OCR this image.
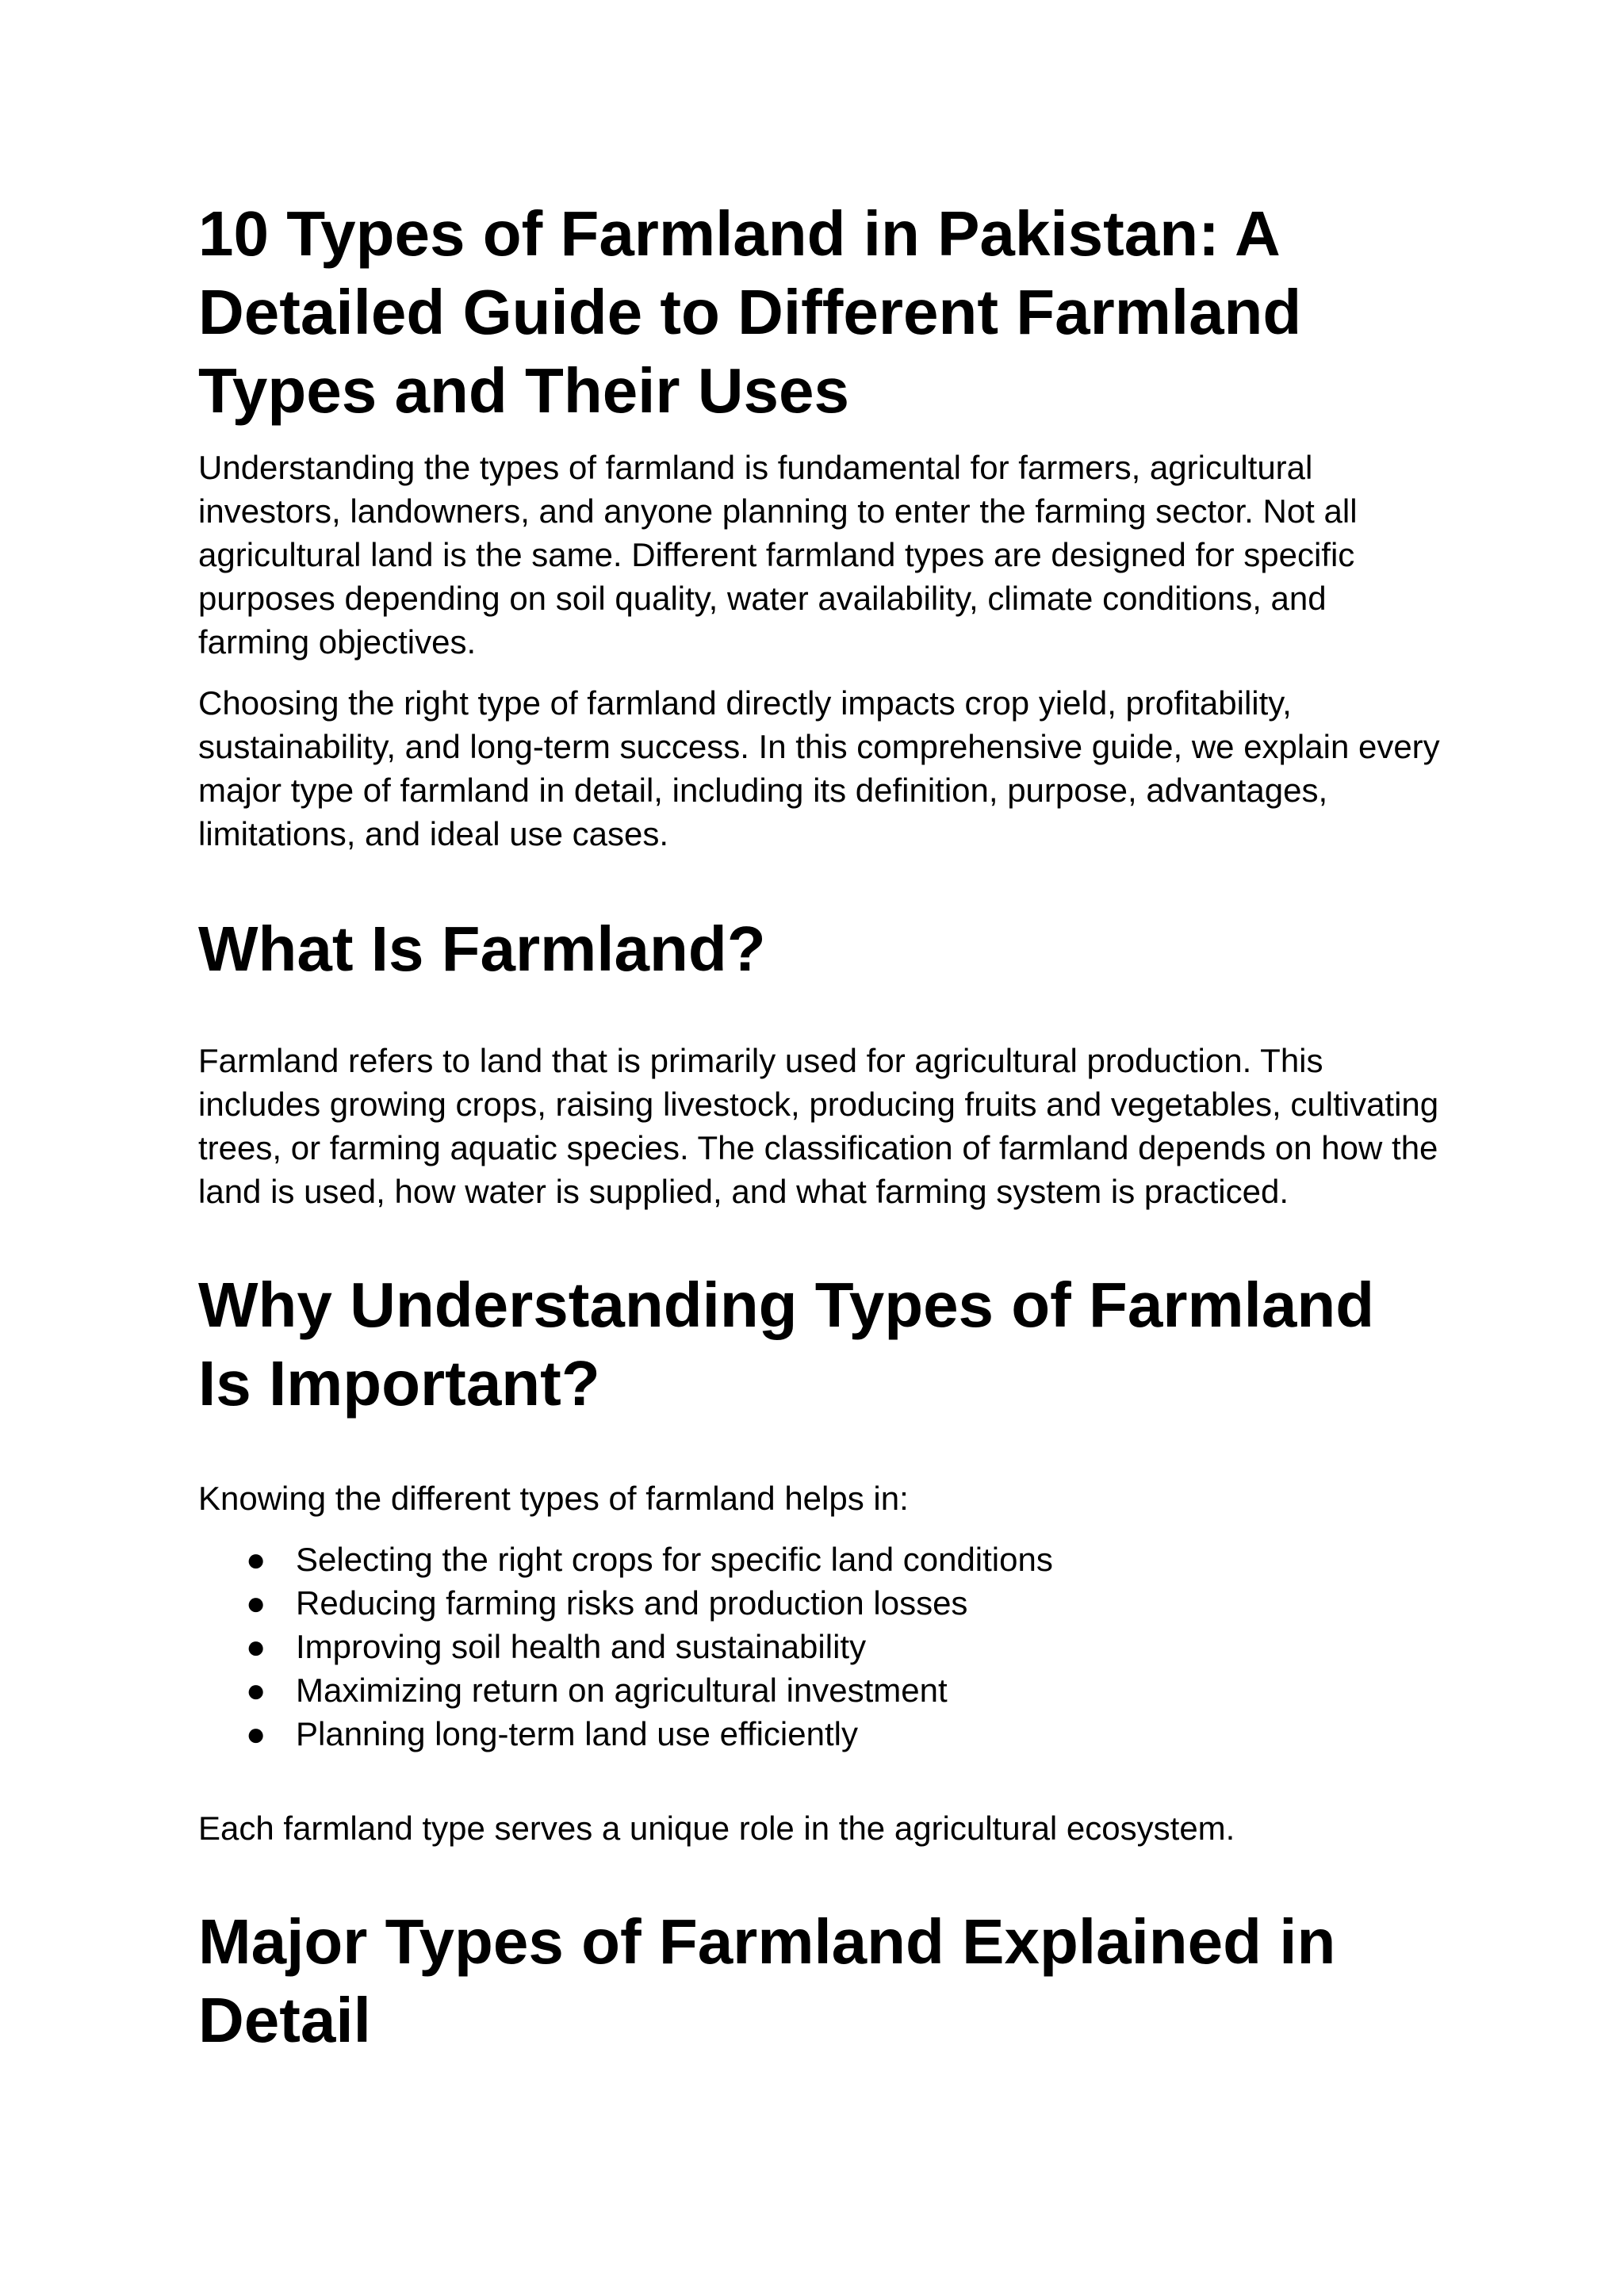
10 Types of Farmland in Pakistan: A Detailed Guide to Different Farmland Types and Their Uses

Understanding the types of farmland is fundamental for farmers, agricultural investors, landowners, and anyone planning to enter the farming sector. Not all agricultural land is the same. Different farmland types are designed for specific purposes depending on soil quality, water availability, climate conditions, and farming objectives.

Choosing the right type of farmland directly impacts crop yield, profitability, sustainability, and long-term success. In this comprehensive guide, we explain every major type of farmland in detail, including its definition, purpose, advantages, limitations, and ideal use cases.

What Is Farmland?

Farmland refers to land that is primarily used for agricultural production. This includes growing crops, raising livestock, producing fruits and vegetables, cultivating trees, or farming aquatic species. The classification of farmland depends on how the land is used, how water is supplied, and what farming system is practiced.

Why Understanding Types of Farmland Is Important?

Knowing the different types of farmland helps in:

● Selecting the right crops for specific land conditions
● Reducing farming risks and production losses
● Improving soil health and sustainability
● Maximizing return on agricultural investment
● Planning long-term land use efficiently

Each farmland type serves a unique role in the agricultural ecosystem.

Major Types of Farmland Explained in Detail
